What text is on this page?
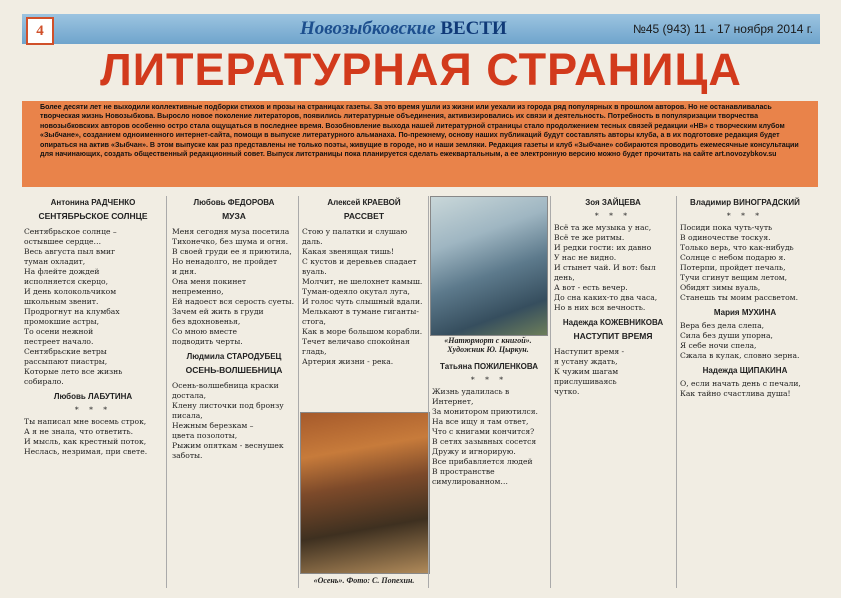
4	Новозыбковские ВЕСТИ	№45 (943) 11 - 17 ноября 2014 г.
ЛИТЕРАТУРНАЯ СТРАНИЦА
Более десяти лет не выходили коллективные подборки стихов и прозы на страницах газеты. За это время ушли из жизни или уехали из города ряд популярных в прошлом авторов. Но не останавливалась творческая жизнь Новозыбкова. Выросло новое поколение литераторов, появились литературные объединения, активизировались их связи и деятельность. Потребность в популяризации творчества новозыбковских авторов особенно остро стала ощущаться в последнее время. Возобновление выхода нашей литературной страницы стало продолжением тесных связей редакции «НВ» с творческим клубом «Зыбчане», созданием одноименного интернет-сайта, помощи в выпуске литературного альманаха. По-прежнему, основу наших публикаций будут составлять авторы клуба, а в их подготовке редакция будет опираться на актив «Зыбчан». В этом выпуске как раз представлены не только поэты, живущие в городе, но и наши земляки. Редакция газеты и клуб «Зыбчане» собираются проводить ежемесячные консультации для начинающих, создать общественный редакционный совет. Выпуск литстраницы пока планируется сделать ежеквартальным, а ее электронную версию можно будет прочитать на сайте art.novozybkov.su
Антонина РАДЧЕНКО
СЕНТЯБРЬСКОЕ СОЛНЦЕ
Сентябрьское солнце –
остывшее сердце…
Весь августа пыл вмиг
туман охладит,
На флейте дождей
исполняется скерцо,
И день колокольчиком
школьным звенит.
Продрогнут на клумбах
промокшие астры,
То осени нежной
пестреет начало.
Сентябрьские ветры
рассыпают пиастры,
Которые лето все жизнь
собирало.
Любовь ЛАБУТИНА
* * *
Ты написал мне восемь строк,
А я не знала, что ответить.
И мысль, как крестный поток,
Неслась, незримая, при свете.
Любовь ФЕДОРОВА
МУЗА
Меня сегодня муза посетила
Тихонечко, без шума и огня.
В своей груди ее я приютила,
Но ненадолго, не пройдет
и дня.
Она меня покинет
непременно,
Ей надоест вся серость суеты.
Зачем ей жить в груди
без вдохновенья,
Со мною вместе
подводить черты.
Людмила СТАРОДУБЕЦ
ОСЕНЬ-ВОЛШЕБНИЦА
Осень-волшебница краски
достала,
Клену листочки под бронзу
писала,
Нежным березкам –
цвета позолоты,
Рыжим опяткам - веснушек
заботы.
Алексей КРАЕВОЙ
РАССВЕТ
Стою у палатки и слушаю даль.
Какая звенящая тишь!
С кустов и деревьев спадает
вуаль.
Молчит, не шелохнет камыш.
Туман-одеяло окутал луга,
И голос чуть слышный вдали.
Мелькают в тумане гиганты-
стога,
Как в море большом корабли.
Течет величаво спокойная
гладь,
Артерия жизни - река.
«Осень». Фото: С. Попехин.
«Натюрморт с книгой». Художник Ю. Цыркун.
Татьяна ПОЖИЛЕНКОВА
* * *
Жизнь удалилась в Интернет,
За монитором приютился.
На все ищу я там ответ,
Что с книгами кончится?
В сетях зазывных сосется
Дружу и игнорирую.
Все прибавляется людей
В пространстве
симулированном…
Зоя ЗАЙЦЕВА
* * *
Всё та же музыка у нас,
Всё те же ритмы.
И редки гости: их давно
У нас не видно.
И стынет чай. И вот: был день,
А вот - есть вечер.
До сна каких-то два часа,
Но в них вся вечность.
Надежда КОЖЕВНИКОВА
НАСТУПИТ ВРЕМЯ
Наступит время -
я устану ждать,
К чужим шагам прислушиваясь
чутко.
Владимир ВИНОГРАДСКИЙ
* * *
Посиди пока чуть-чуть
В одиночестве тоскуя.
Только верь, что как-нибудь
Солнце с небом подарю я.
Потерпи, пройдет печаль,
Тучи сгинут вещим летом,
Обидят зимы вуаль,
Станешь ты моим рассветом.
Мария МУХИНА
Вера без дела слепа,
Сила без души упорна,
Я себе ночи спела,
Сжала в кулак, словно зерна.
Надежда ЩИПАКИНА
О, если начать день с печали,
Как тайно счастлива душа!
